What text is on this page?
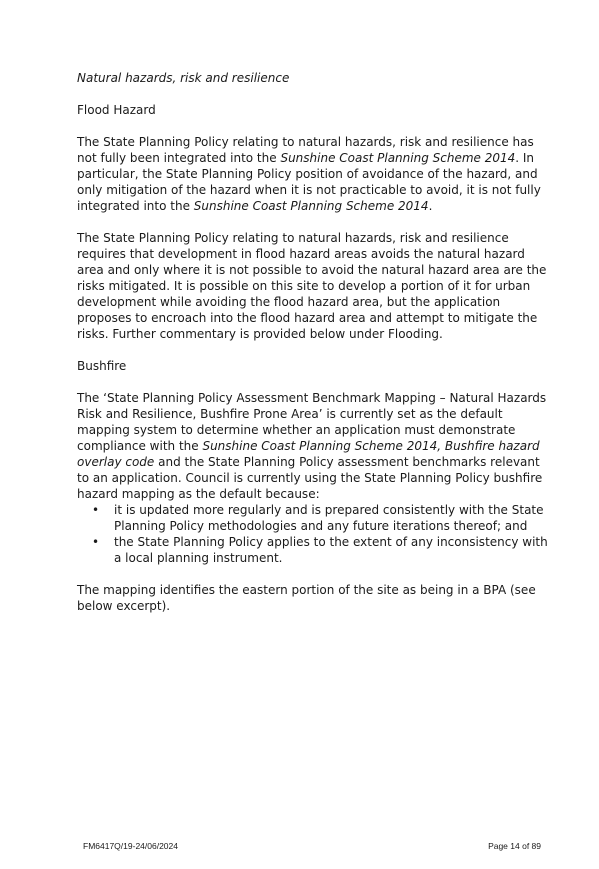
Natural hazards, risk and resilience

Flood Hazard

The State Planning Policy relating to natural hazards, risk and resilience has not fully been integrated into the Sunshine Coast Planning Scheme 2014. In particular, the State Planning Policy position of avoidance of the hazard, and only mitigation of the hazard when it is not practicable to avoid, it is not fully integrated into the Sunshine Coast Planning Scheme 2014.

The State Planning Policy relating to natural hazards, risk and resilience requires that development in flood hazard areas avoids the natural hazard area and only where it is not possible to avoid the natural hazard area are the risks mitigated. It is possible on this site to develop a portion of it for urban development while avoiding the flood hazard area, but the application proposes to encroach into the flood hazard area and attempt to mitigate the risks. Further commentary is provided below under Flooding.

Bushfire

The ‘State Planning Policy Assessment Benchmark Mapping – Natural Hazards Risk and Resilience, Bushfire Prone Area’ is currently set as the default mapping system to determine whether an application must demonstrate compliance with the Sunshine Coast Planning Scheme 2014, Bushfire hazard overlay code and the State Planning Policy assessment benchmarks relevant to an application. Council is currently using the State Planning Policy bushfire hazard mapping as the default because:

• it is updated more regularly and is prepared consistently with the State Planning Policy methodologies and any future iterations thereof; and
• the State Planning Policy applies to the extent of any inconsistency with a local planning instrument.

The mapping identifies the eastern portion of the site as being in a BPA (see below excerpt).

FM6417Q/19-24/06/2024	Page 14 of 89
